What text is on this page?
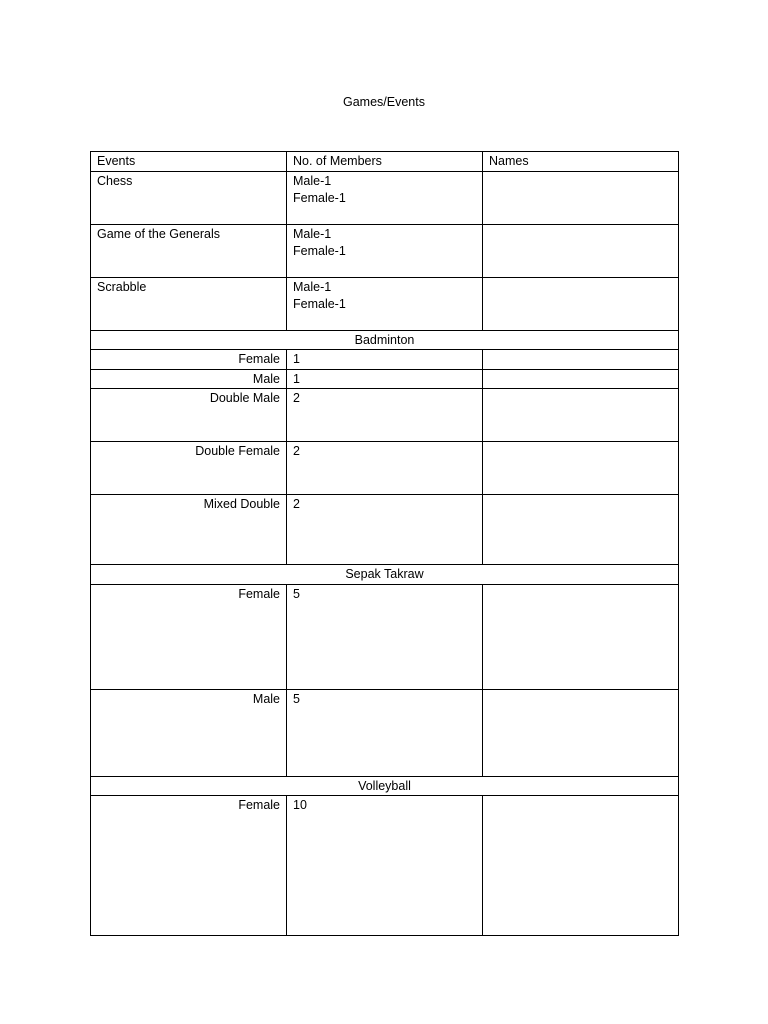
Games/Events
Events	No. of Members	Names
Chess	Male-1
Female-1	

Game of the Generals	Male-1
Female-1	

Scrabble	Male-1
Female-1	

Badminton		
Female	1	
Male	1	
Double Male	2	
Double Female	2	
Mixed Double	2	
Sepak Takraw		
Female	5	
Male	5	
Volleyball		
Female	10	
